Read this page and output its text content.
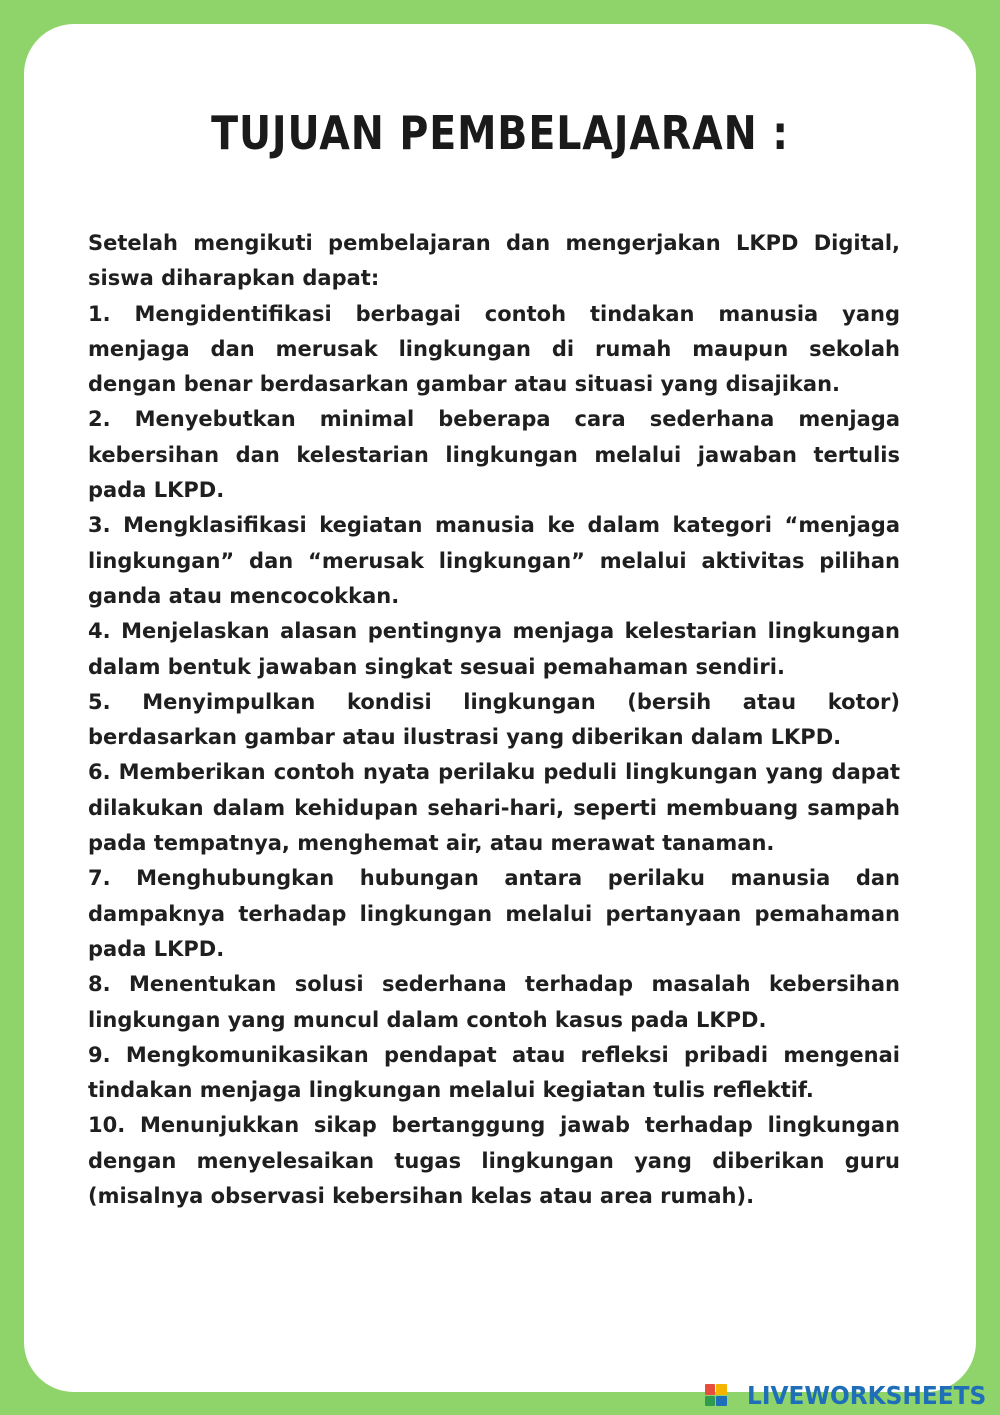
TUJUAN PEMBELAJARAN :

Setelah mengikuti pembelajaran dan mengerjakan LKPD Digital, siswa diharapkan dapat:

1. Mengidentifikasi berbagai contoh tindakan manusia yang menjaga dan merusak lingkungan di rumah maupun sekolah dengan benar berdasarkan gambar atau situasi yang disajikan.

2. Menyebutkan minimal beberapa cara sederhana menjaga kebersihan dan kelestarian lingkungan melalui jawaban tertulis pada LKPD.

3. Mengklasifikasi kegiatan manusia ke dalam kategori “menjaga lingkungan” dan “merusak lingkungan” melalui aktivitas pilihan ganda atau mencocokkan.

4. Menjelaskan alasan pentingnya menjaga kelestarian lingkungan dalam bentuk jawaban singkat sesuai pemahaman sendiri.

5. Menyimpulkan kondisi lingkungan (bersih atau kotor) berdasarkan gambar atau ilustrasi yang diberikan dalam LKPD.

6. Memberikan contoh nyata perilaku peduli lingkungan yang dapat dilakukan dalam kehidupan sehari-hari, seperti membuang sampah pada tempatnya, menghemat air, atau merawat tanaman.

7. Menghubungkan hubungan antara perilaku manusia dan dampaknya terhadap lingkungan melalui pertanyaan pemahaman pada LKPD.

8. Menentukan solusi sederhana terhadap masalah kebersihan lingkungan yang muncul dalam contoh kasus pada LKPD.

9. Mengkomunikasikan pendapat atau refleksi pribadi mengenai tindakan menjaga lingkungan melalui kegiatan tulis reflektif.

10. Menunjukkan sikap bertanggung jawab terhadap lingkungan dengan menyelesaikan tugas lingkungan yang diberikan guru (misalnya observasi kebersihan kelas atau area rumah).

LIVEWORKSHEETS
